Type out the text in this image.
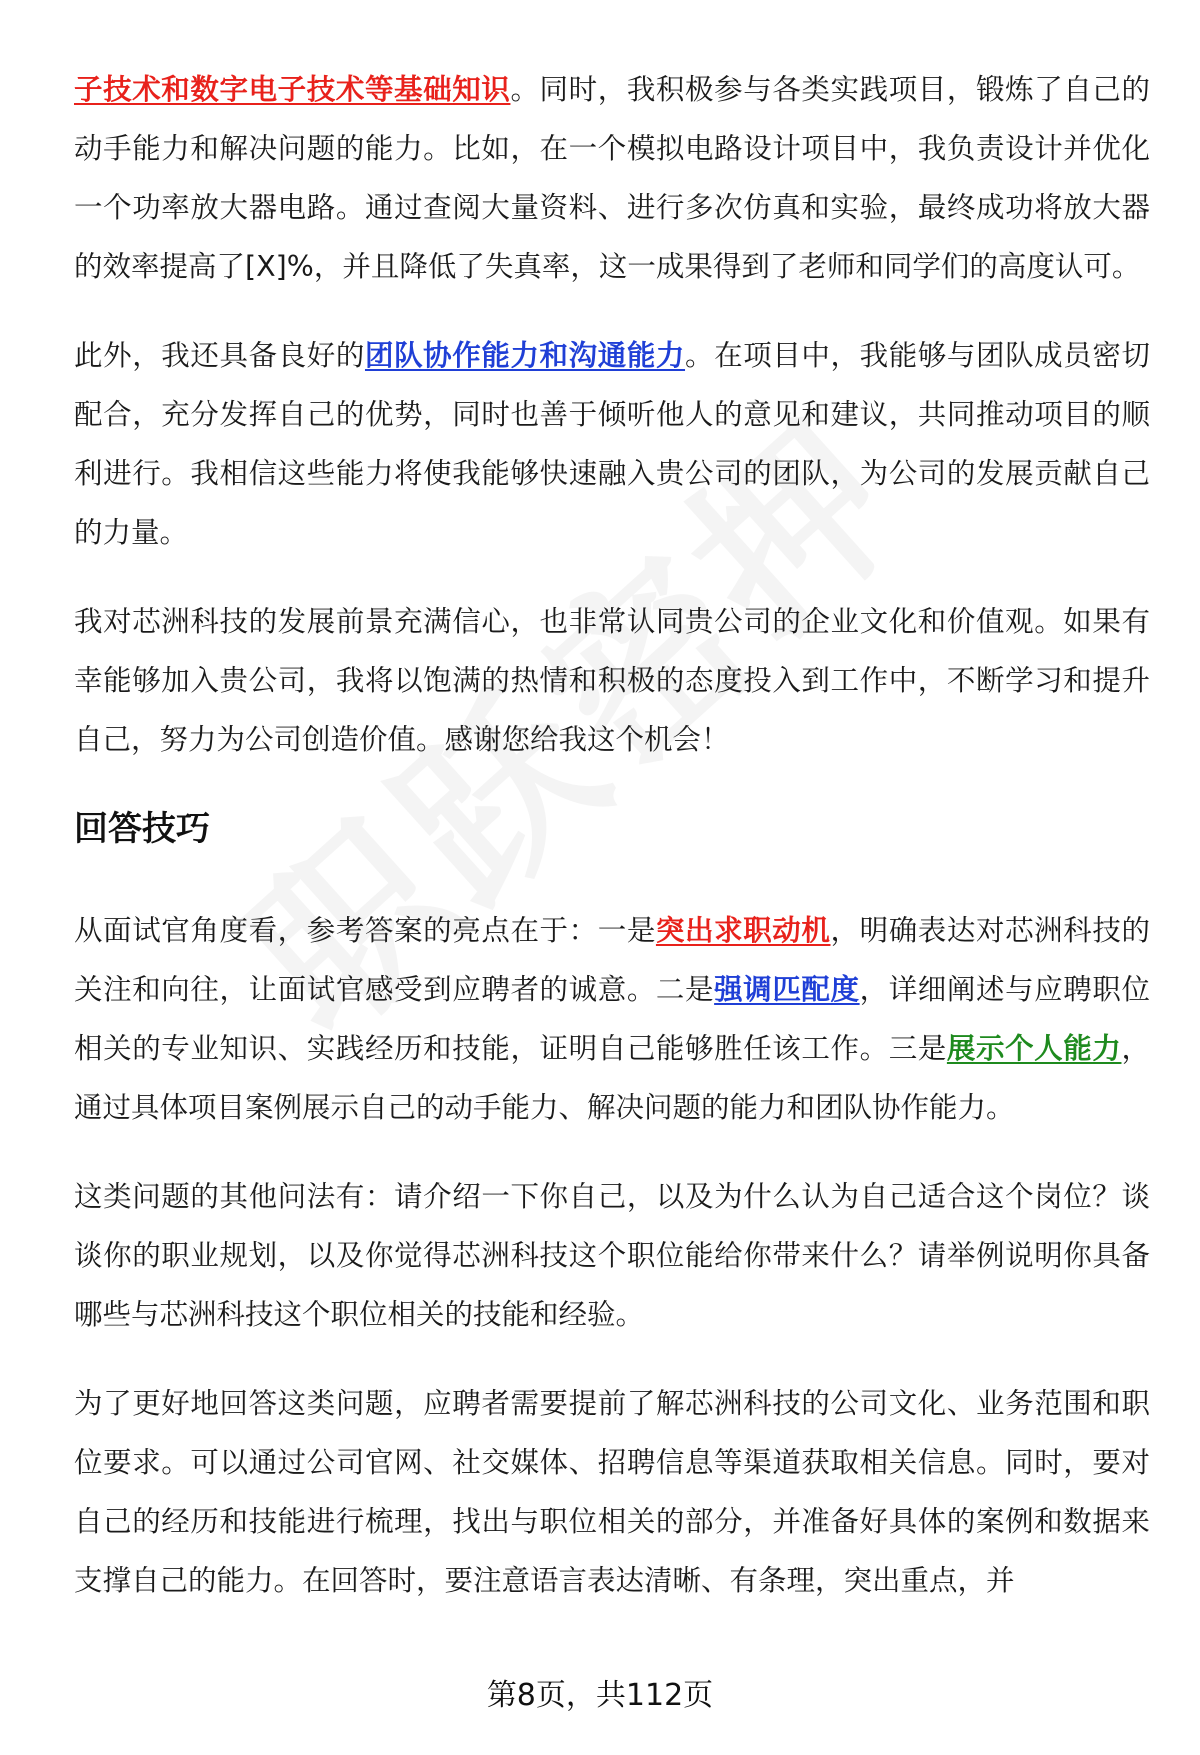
子技术和数字电子技术等基础知识。同时，我积极参与各类实践项目，锻炼了自己的动手能力和解决问题的能力。比如，在一个模拟电路设计项目中，我负责设计并优化一个功率放大器电路。通过查阅大量资料、进行多次仿真和实验，最终成功将放大器的效率提高了[X]%，并且降低了失真率，这一成果得到了老师和同学们的高度认可。

此外，我还具备良好的团队协作能力和沟通能力。在项目中，我能够与团队成员密切配合，充分发挥自己的优势，同时也善于倾听他人的意见和建议，共同推动项目的顺利进行。我相信这些能力将使我能够快速融入贵公司的团队，为公司的发展贡献自己的力量。

我对芯洲科技的发展前景充满信心，也非常认同贵公司的企业文化和价值观。如果有幸能够加入贵公司，我将以饱满的热情和积极的态度投入到工作中，不断学习和提升自己，努力为公司创造价值。感谢您给我这个机会！

回答技巧

从面试官角度看，参考答案的亮点在于：一是突出求职动机，明确表达对芯洲科技的关注和向往，让面试官感受到应聘者的诚意。二是强调匹配度，详细阐述与应聘职位相关的专业知识、实践经历和技能，证明自己能够胜任该工作。三是展示个人能力，通过具体项目案例展示自己的动手能力、解决问题的能力和团队协作能力。

这类问题的其他问法有：请介绍一下你自己，以及为什么认为自己适合这个岗位？谈谈你的职业规划，以及你觉得芯洲科技这个职位能给你带来什么？请举例说明你具备哪些与芯洲科技这个职位相关的技能和经验。

为了更好地回答这类问题，应聘者需要提前了解芯洲科技的公司文化、业务范围和职位要求。可以通过公司官网、社交媒体、招聘信息等渠道获取相关信息。同时，要对自己的经历和技能进行梳理，找出与职位相关的部分，并准备好具体的案例和数据来支撑自己的能力。在回答时，要注意语言表达清晰、有条理，突出重点，并

第8页，共112页
